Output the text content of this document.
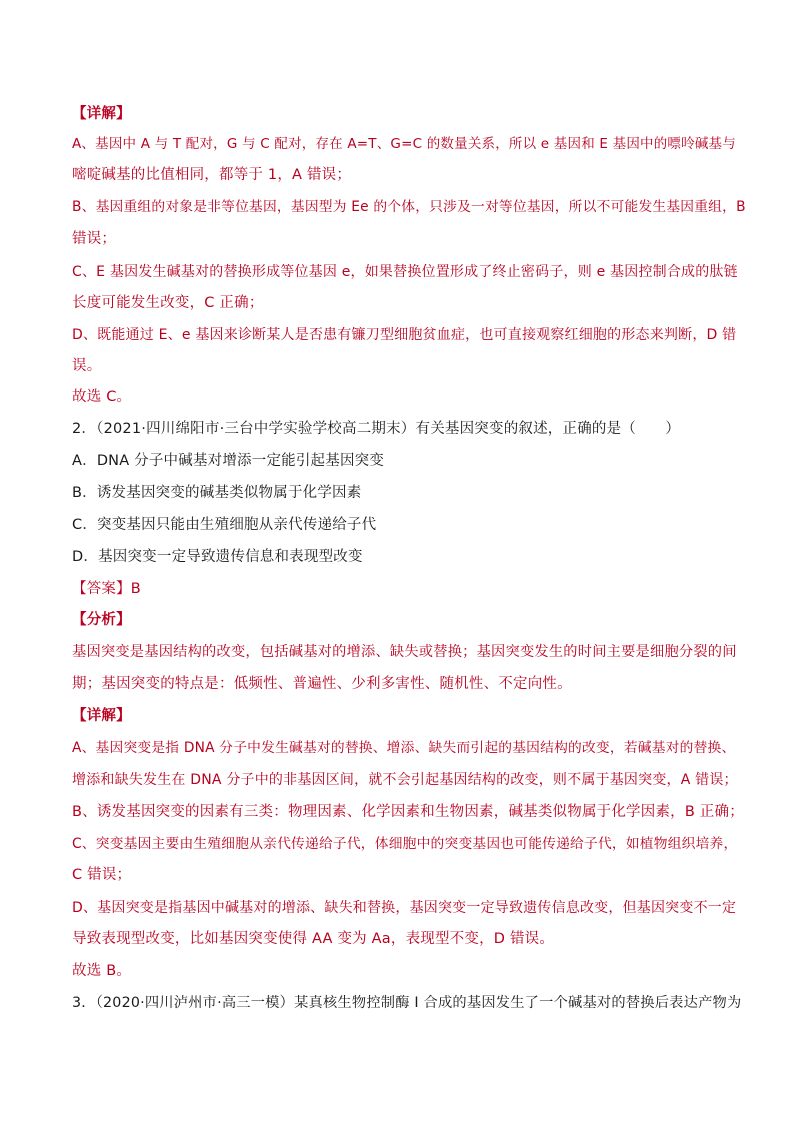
【详解】
A、基因中 A 与 T 配对，G 与 C 配对，存在 A=T、G=C 的数量关系，所以 e 基因和 E 基因中的嘌呤碱基与
嘧啶碱基的比值相同，都等于 1，A 错误；
B、基因重组的对象是非等位基因，基因型为 Ee 的个体，只涉及一对等位基因，所以不可能发生基因重组，B
错误；
C、E 基因发生碱基对的替换形成等位基因 e，如果替换位置形成了终止密码子，则 e 基因控制合成的肽链
长度可能发生改变，C 正确；
D、既能通过 E、e 基因来诊断某人是否患有镰刀型细胞贫血症，也可直接观察红细胞的形态来判断，D 错
误。
故选 C。
2．（2021·四川绵阳市·三台中学实验学校高二期末）有关基因突变的叙述，正确的是（　　）
A．DNA 分子中碱基对增添一定能引起基因突变
B．诱发基因突变的碱基类似物属于化学因素
C．突变基因只能由生殖细胞从亲代传递给子代
D．基因突变一定导致遗传信息和表现型改变
【答案】B
【分析】
基因突变是基因结构的改变，包括碱基对的增添、缺失或替换；基因突变发生的时间主要是细胞分裂的间
期；基因突变的特点是：低频性、普遍性、少利多害性、随机性、不定向性。
【详解】
A、基因突变是指 DNA 分子中发生碱基对的替换、增添、缺失而引起的基因结构的改变，若碱基对的替换、
增添和缺失发生在 DNA 分子中的非基因区间，就不会引起基因结构的改变，则不属于基因突变，A 错误；
B、诱发基因突变的因素有三类：物理因素、化学因素和生物因素，碱基类似物属于化学因素，B 正确；
C、突变基因主要由生殖细胞从亲代传递给子代，体细胞中的突变基因也可能传递给子代，如植物组织培养，
C 错误；
D、基因突变是指基因中碱基对的增添、缺失和替换，基因突变一定导致遗传信息改变，但基因突变不一定
导致表现型改变，比如基因突变使得 AA 变为 Aa，表现型不变，D 错误。
故选 B。
3．（2020·四川泸州市·高三一模）某真核生物控制酶 I 合成的基因发生了一个碱基对的替换后表达产物为
